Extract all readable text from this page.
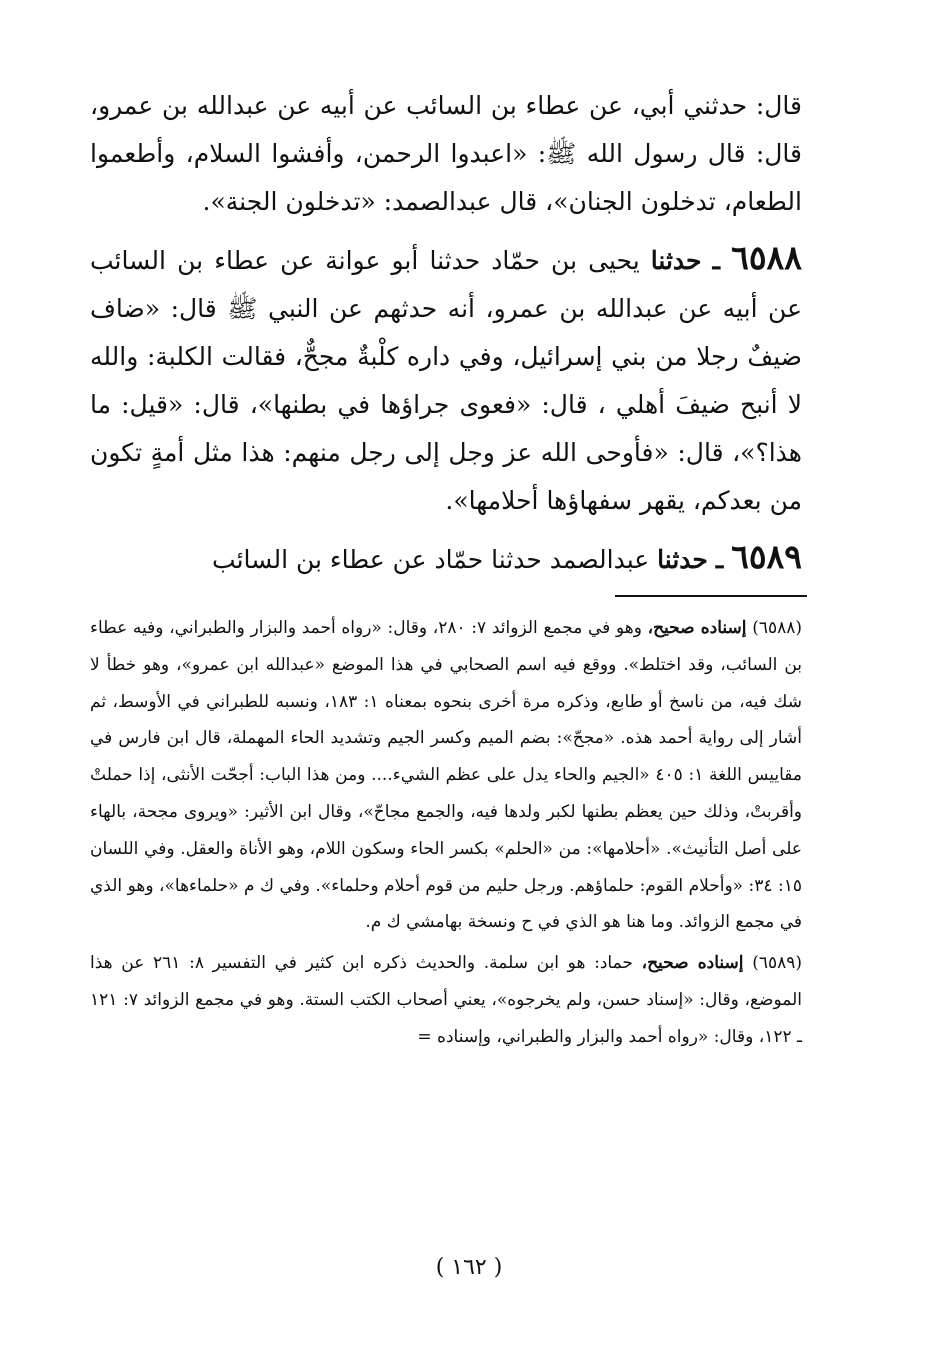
قال: حدثني أبي، عن عطاء بن السائب عن أبيه عن عبدالله بن عمرو، قال: قال رسول الله ﷺ: «اعبدوا الرحمن، وأفشوا السلام، وأطعموا الطعام، تدخلون الجنان»، قال عبدالصمد: «تدخلون الجنة».

٦٥٨٨ ـ حدثنا يحيى بن حمّاد حدثنا أبو عوانة عن عطاء بن السائب عن أبيه عن عبدالله بن عمرو، أنه حدثهم عن النبي ﷺ قال: «ضاف ضيفٌ رجلا من بني إسرائيل، وفي داره كلْبةٌ مجحٌّ، فقالت الكلبة: والله لا أنبح ضيفَ أهلي ، قال: «فعوى جراؤها في بطنها»، قال: «قيل: ما هذا؟»، قال: «فأوحى الله عز وجل إلى رجل منهم: هذا مثل أمةٍ تكون من بعدكم، يقهر سفهاؤها أحلامها».

٦٥٨٩ ـ حدثنا عبدالصمد حدثنا حمّاد عن عطاء بن السائب

(٦٥٨٨) إسناده صحيح، وهو في مجمع الزوائد ٧: ٢٨٠، وقال: «رواه أحمد والبزار والطبراني، وفيه عطاء بن السائب، وقد اختلط». ووقع فيه اسم الصحابي في هذا الموضع «عبدالله ابن عمرو»، وهو خطأ لا شك فيه، من ناسخ أو طابع، وذكره مرة أخرى بنحوه بمعناه ١: ١٨٣، ونسبه للطبراني في الأوسط، ثم أشار إلى رواية أحمد هذه. «مجحّ»: بضم الميم وكسر الجيم وتشديد الحاء المهملة، قال ابن فارس في مقاييس اللغة ١: ٤٠٥ «الجيم والحاء يدل على عظم الشيء.... ومن هذا الباب: أجحّت الأنثى، إذا حملتْ وأقربتْ، وذلك حين يعظم بطنها لكبر ولدها فيه، والجمع مجاحّ»، وقال ابن الأثير: «ويروى مجحة، بالهاء على أصل التأنيث». «أحلامها»: من «الحلم» بكسر الحاء وسكون اللام، وهو الأناة والعقل. وفي اللسان ١٥: ٣٤: «وأحلام القوم: حلماؤهم. ورجل حليم من قوم أحلام وحلماء». وفي ك م «حلماءها»، وهو الذي في مجمع الزوائد. وما هنا هو الذي في ح ونسخة بهامشي ك م.

(٦٥٨٩) إسناده صحيح، حماد: هو ابن سلمة. والحديث ذكره ابن كثير في التفسير ٨: ٢٦١ عن هذا الموضع، وقال: «إسناد حسن، ولم يخرجوه»، يعني أصحاب الكتب الستة. وهو في مجمع الزوائد ٧: ١٢١ ـ ١٢٢، وقال: «رواه أحمد والبزار والطبراني، وإسناده =

( ١٦٢ )
